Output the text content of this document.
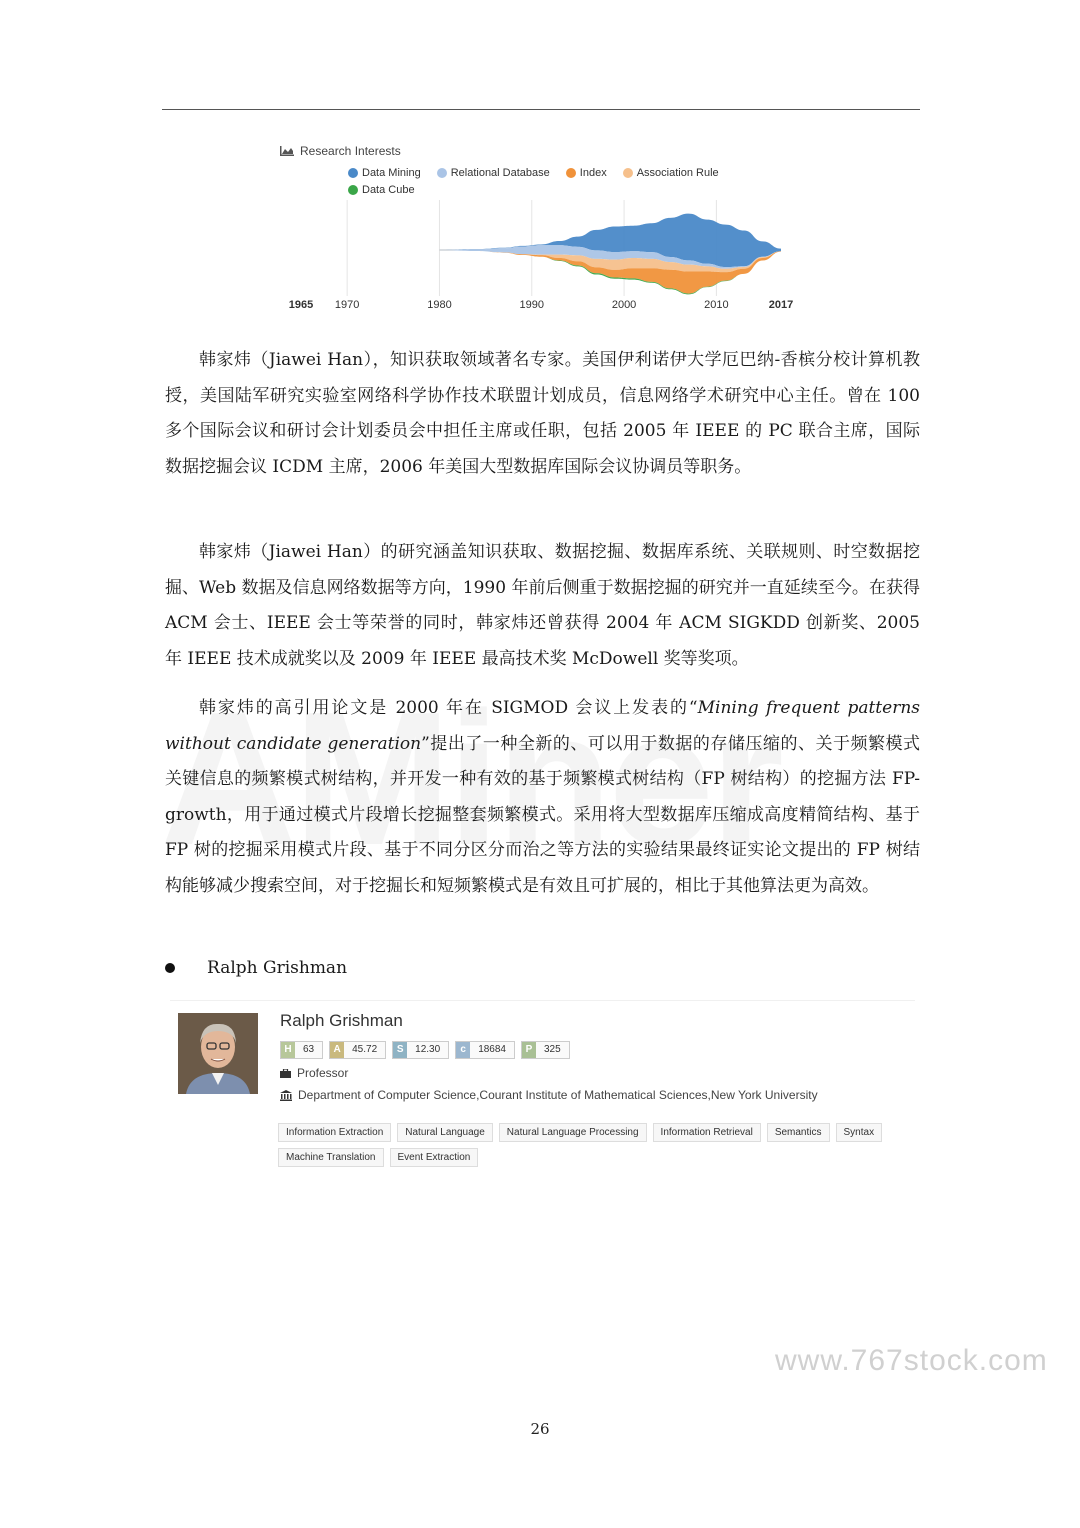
1965 1970	1980	1990	2000	2010	2017
Research Interests
Data Mining	Relational Database	Index	Association Rule
Data Cube

韩家炜（Jiawei Han），知识获取领域著名专家。美国伊利诺伊大学厄巴纳-香槟分校计算机教授，美国陆军研究实验室网络科学协作技术联盟计划成员，信息网络学术研究中心主任。曾在 100 多个国际会议和研讨会计划委员会中担任主席或任职，包括 2005 年 IEEE 的 PC 联合主席，国际数据挖掘会议 ICDM 主席，2006 年美国大型数据库国际会议协调员等职务。

韩家炜（Jiawei Han）的研究涵盖知识获取、数据挖掘、数据库系统、关联规则、时空数据挖掘、Web 数据及信息网络数据等方向，1990 年前后侧重于数据挖掘的研究并一直延续至今。在获得 ACM 会士、IEEE 会士等荣誉的同时，韩家炜还曾获得 2004 年 ACM SIGKDD 创新奖、2005 年 IEEE 技术成就奖以及 2009 年 IEEE 最高技术奖 McDowell 奖等奖项。

韩家炜的高引用论文是 2000 年在 SIGMOD 会议上发表的“Mining frequent patterns without candidate generation”提出了一种全新的、可以用于数据的存储压缩的、关于频繁模式关键信息的频繁模式树结构，并开发一种有效的基于频繁模式树结构（FP 树结构）的挖掘方法 FP-growth，用于通过模式片段增长挖掘整套频繁模式。采用将大型数据库压缩成高度精简结构、基于 FP 树的挖掘采用模式片段、基于不同分区分而治之等方法的实验结果最终证实论文提出的 FP 树结构能够减少搜索空间，对于挖掘长和短频繁模式是有效且可扩展的，相比于其他算法更为高效。

Ralph Grishman
Ralph Grishman
H	63	A	45.72	S	12.30	c	18684	P	325
Professor
Department of Computer Science,Courant Institute of Mathematical Sciences,New York University
Information Extraction	Natural Language	Natural Language Processing	Information Retrieval	Semantics	Syntax
Machine Translation	Event Extraction
www.767stock.com
26
